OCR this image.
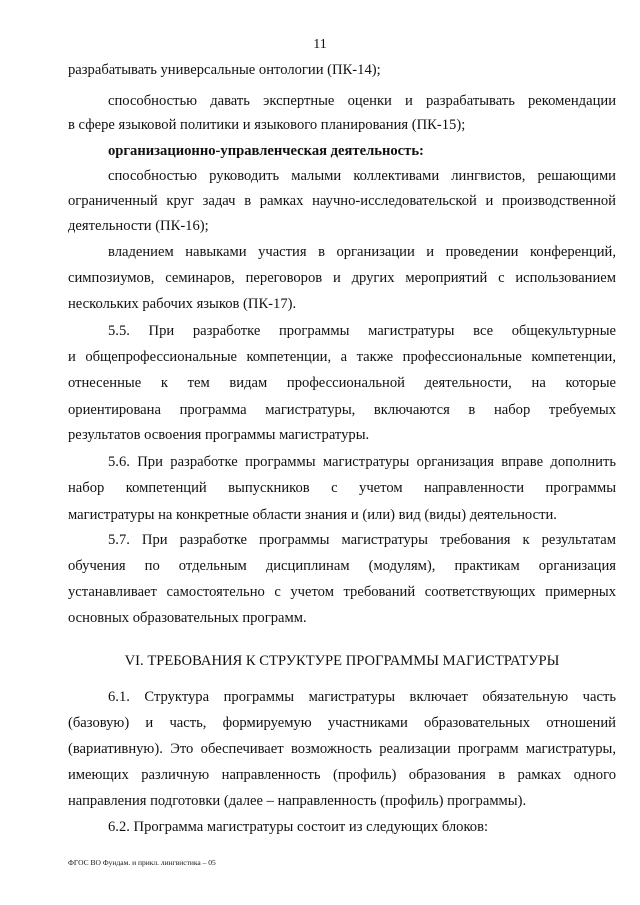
11

разрабатывать универсальные онтологии (ПК-14);

способностью давать экспертные оценки и разрабатывать рекомендации

в сфере языковой политики и языкового планирования (ПК-15);

организационно-управленческая деятельность:

способностью руководить малыми коллективами лингвистов, решающими

ограниченный круг задач в рамках научно-исследовательской и производственной

деятельности (ПК-16);

владением навыками участия в организации и проведении конференций,

симпозиумов, семинаров, переговоров и других мероприятий с использованием

нескольких рабочих языков (ПК-17).

5.5. При разработке программы магистратуры все общекультурные

и общепрофессиональные компетенции, а также профессиональные компетенции,

отнесенные к тем видам профессиональной деятельности, на которые

ориентирована программа магистратуры, включаются в набор требуемых

результатов освоения программы магистратуры.

5.6. При разработке программы магистратуры организация вправе дополнить

набор компетенций выпускников с учетом направленности программы

магистратуры на конкретные области знания и (или) вид (виды) деятельности.

5.7. При разработке программы магистратуры требования к результатам

обучения по отдельным дисциплинам (модулям), практикам организация

устанавливает самостоятельно с учетом требований соответствующих примерных

основных образовательных программ.

VI. ТРЕБОВАНИЯ К СТРУКТУРЕ ПРОГРАММЫ МАГИСТРАТУРЫ

6.1. Структура программы магистратуры включает обязательную часть

(базовую) и часть, формируемую участниками образовательных отношений

(вариативную). Это обеспечивает возможность реализации программ магистратуры,

имеющих различную направленность (профиль) образования в рамках одного

направления подготовки (далее – направленность (профиль) программы).

6.2. Программа магистратуры состоит из следующих блоков:

ФГОС ВО Фундам. и прикл. лингвистика – 05
